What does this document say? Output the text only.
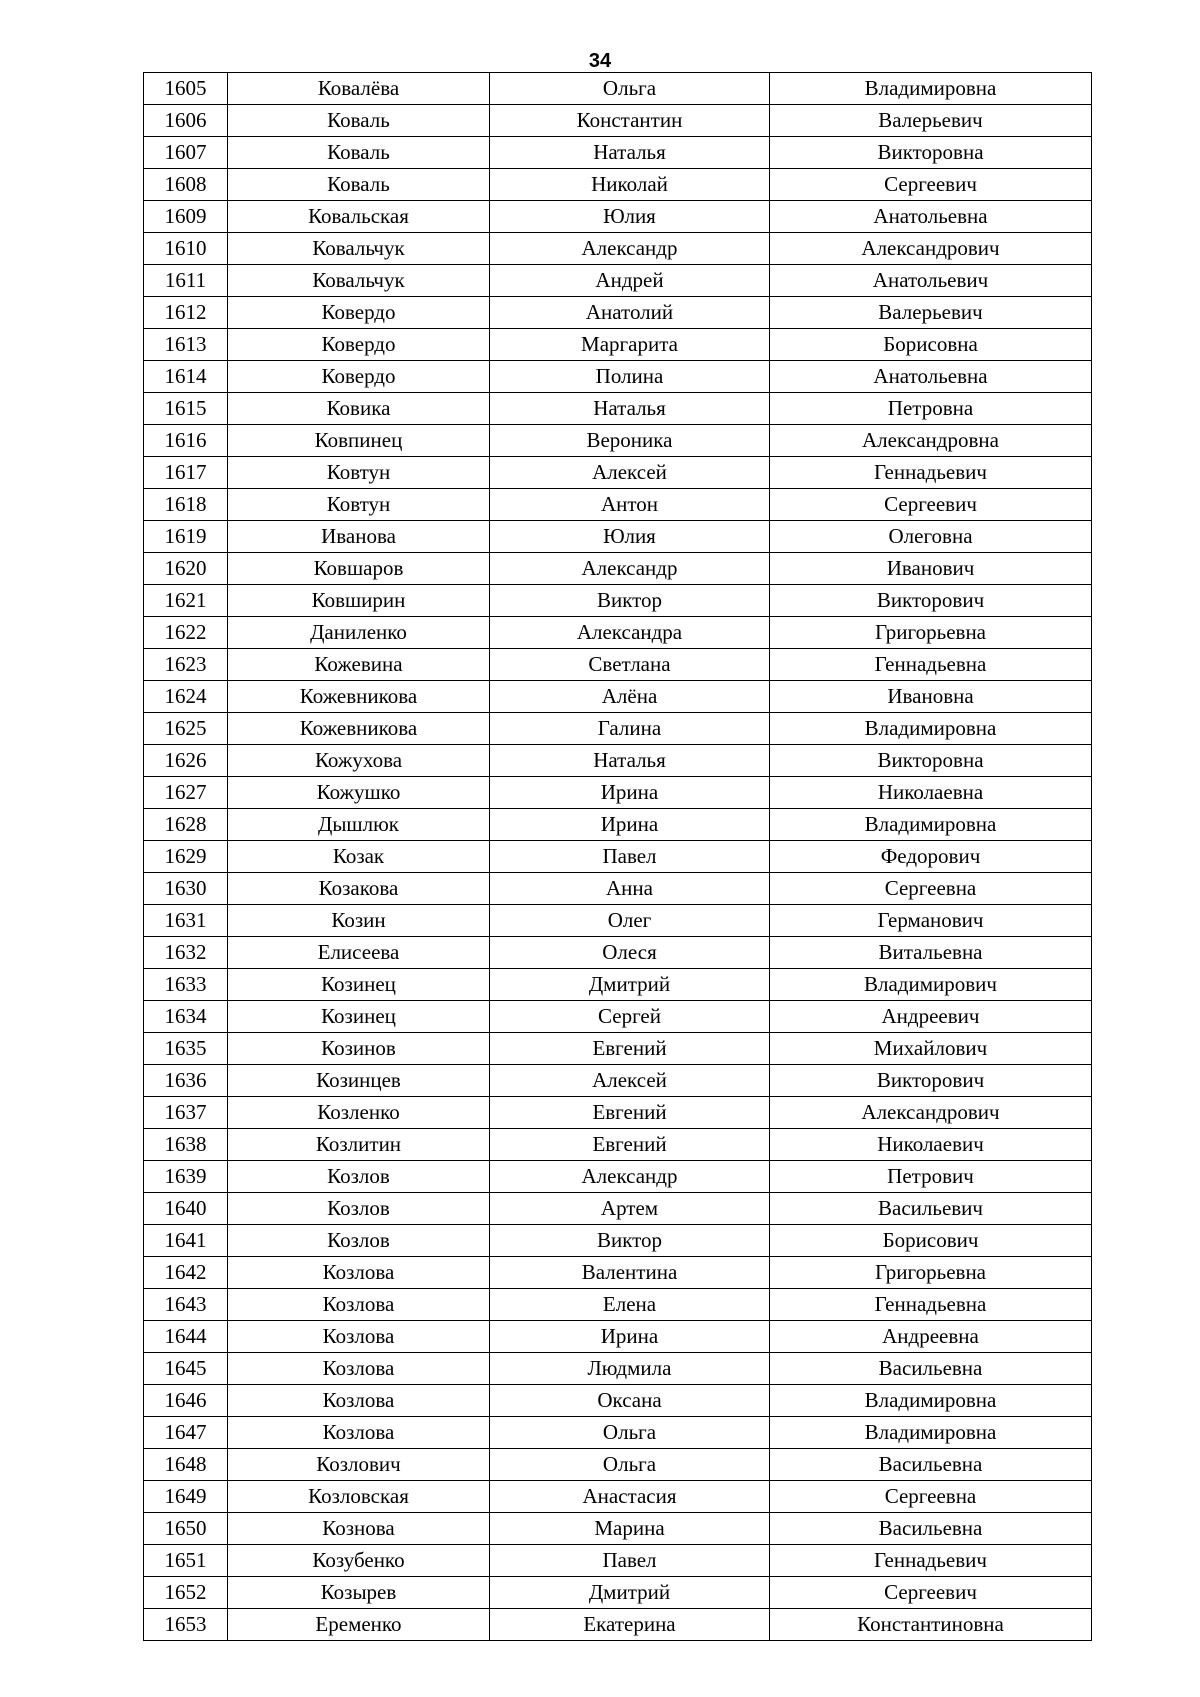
34
1605	Ковалёва	Ольга	Владимировна
1606	Коваль	Константин	Валерьевич
1607	Коваль	Наталья	Викторовна
1608	Коваль	Николай	Сергеевич
1609	Ковальская	Юлия	Анатольевна
1610	Ковальчук	Александр	Александрович
1611	Ковальчук	Андрей	Анатольевич
1612	Ковердо	Анатолий	Валерьевич
1613	Ковердо	Маргарита	Борисовна
1614	Ковердо	Полина	Анатольевна
1615	Ковика	Наталья	Петровна
1616	Ковпинец	Вероника	Александровна
1617	Ковтун	Алексей	Геннадьевич
1618	Ковтун	Антон	Сергеевич
1619	Иванова	Юлия	Олеговна
1620	Ковшаров	Александр	Иванович
1621	Ковширин	Виктор	Викторович
1622	Даниленко	Александра	Григорьевна
1623	Кожевина	Светлана	Геннадьевна
1624	Кожевникова	Алёна	Ивановна
1625	Кожевникова	Галина	Владимировна
1626	Кожухова	Наталья	Викторовна
1627	Кожушко	Ирина	Николаевна
1628	Дышлюк	Ирина	Владимировна
1629	Козак	Павел	Федорович
1630	Козакова	Анна	Сергеевна
1631	Козин	Олег	Германович
1632	Елисеева	Олеся	Витальевна
1633	Козинец	Дмитрий	Владимирович
1634	Козинец	Сергей	Андреевич
1635	Козинов	Евгений	Михайлович
1636	Козинцев	Алексей	Викторович
1637	Козленко	Евгений	Александрович
1638	Козлитин	Евгений	Николаевич
1639	Козлов	Александр	Петрович
1640	Козлов	Артем	Васильевич
1641	Козлов	Виктор	Борисович
1642	Козлова	Валентина	Григорьевна
1643	Козлова	Елена	Геннадьевна
1644	Козлова	Ирина	Андреевна
1645	Козлова	Людмила	Васильевна
1646	Козлова	Оксана	Владимировна
1647	Козлова	Ольга	Владимировна
1648	Козлович	Ольга	Васильевна
1649	Козловская	Анастасия	Сергеевна
1650	Кознова	Марина	Васильевна
1651	Козубенко	Павел	Геннадьевич
1652	Козырев	Дмитрий	Сергеевич
1653	Еременко	Екатерина	Константиновна
